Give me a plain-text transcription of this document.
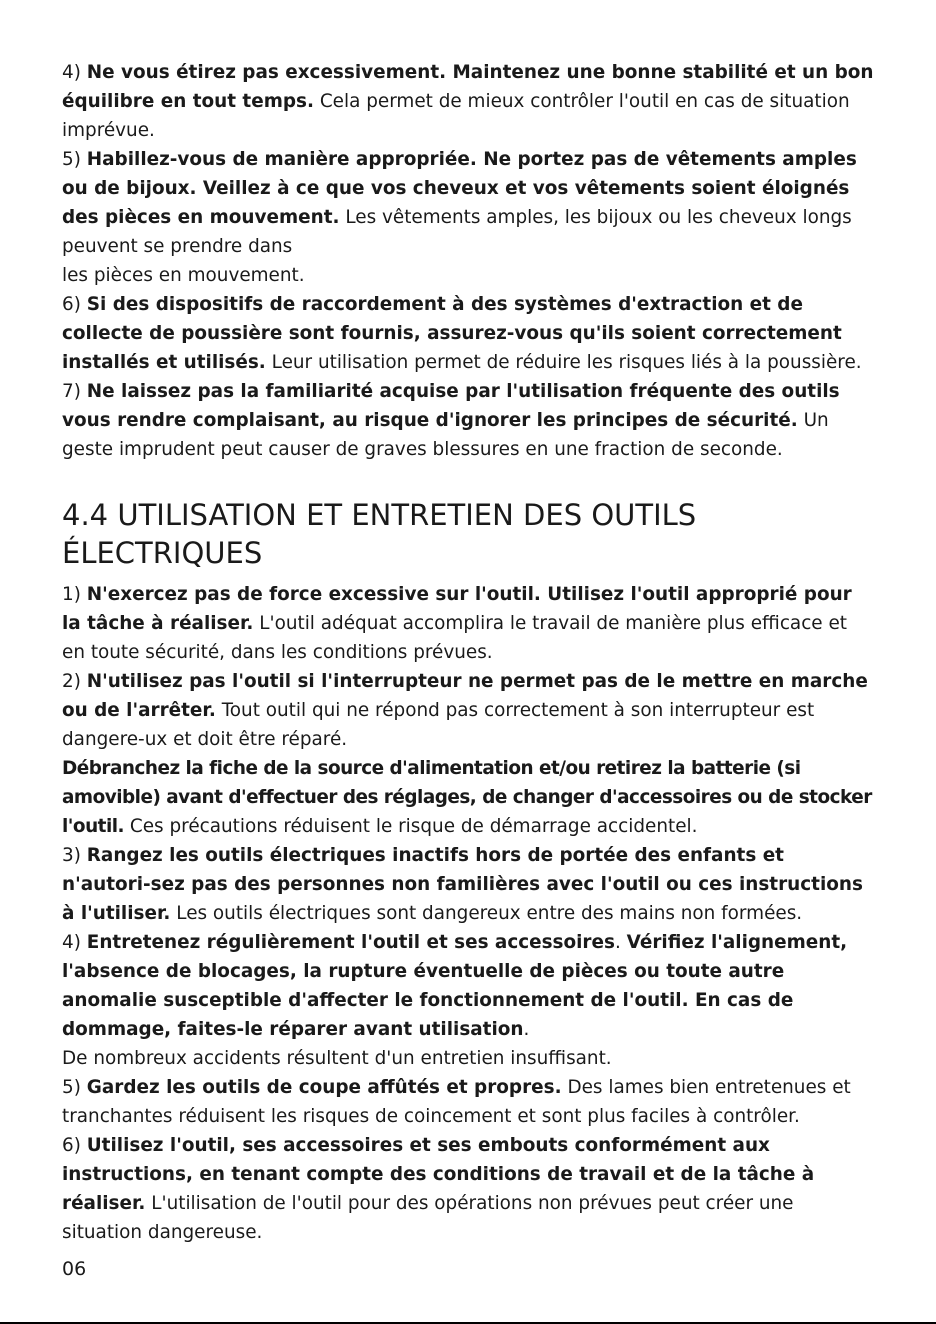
4) Ne vous étirez pas excessivement. Maintenez une bonne stabilité et un bon équilibre en tout temps. Cela permet de mieux contrôler l'outil en cas de situation imprévue.

5) Habillez-vous de manière appropriée. Ne portez pas de vêtements amples ou de bijoux. Veillez à ce que vos cheveux et vos vêtements soient éloignés des pièces en mouvement. Les vêtements amples, les bijoux ou les cheveux longs peuvent se prendre dans
les pièces en mouvement.

6) Si des dispositifs de raccordement à des systèmes d'extraction et de collecte de poussière sont fournis, assurez-vous qu'ils soient correctement installés et utilisés. Leur utilisation permet de réduire les risques liés à la poussière.

7) Ne laissez pas la familiarité acquise par l'utilisation fréquente des outils vous rendre complaisant, au risque d'ignorer les principes de sécurité. Un geste imprudent peut causer de graves blessures en une fraction de seconde.

4.4 UTILISATION ET ENTRETIEN DES OUTILS
ÉLECTRIQUES

1) N'exercez pas de force excessive sur l'outil. Utilisez l'outil approprié pour la tâche à réaliser. L'outil adéquat accomplira le travail de manière plus efficace et en toute sécurité, dans les conditions prévues.

2) N'utilisez pas l'outil si l'interrupteur ne permet pas de le mettre en marche ou de l'arrêter. Tout outil qui ne répond pas correctement à son interrupteur est dangere-ux et doit être réparé.

Débranchez la fiche de la source d'alimentation et/ou retirez la batterie (si amovible) avant d'effectuer des réglages, de changer d'accessoires ou de stocker l'outil. Ces précautions réduisent le risque de démarrage accidentel.

3) Rangez les outils électriques inactifs hors de portée des enfants et n'autori-sez pas des personnes non familières avec l'outil ou ces instructions à l'utiliser. Les outils électriques sont dangereux entre des mains non formées.

4) Entretenez régulièrement l'outil et ses accessoires. Vérifiez l'alignement, l'absence de blocages, la rupture éventuelle de pièces ou toute autre anomalie susceptible d'affecter le fonctionnement de l'outil. En cas de dommage, faites-le réparer avant utilisation.
De nombreux accidents résultent d'un entretien insuffisant.

5) Gardez les outils de coupe affûtés et propres. Des lames bien entretenues et tranchantes réduisent les risques de coincement et sont plus faciles à contrôler.

6) Utilisez l'outil, ses accessoires et ses embouts conformément aux instructions, en tenant compte des conditions de travail et de la tâche à réaliser. L'utilisation de l'outil pour des opérations non prévues peut créer une situation dangereuse.

06
